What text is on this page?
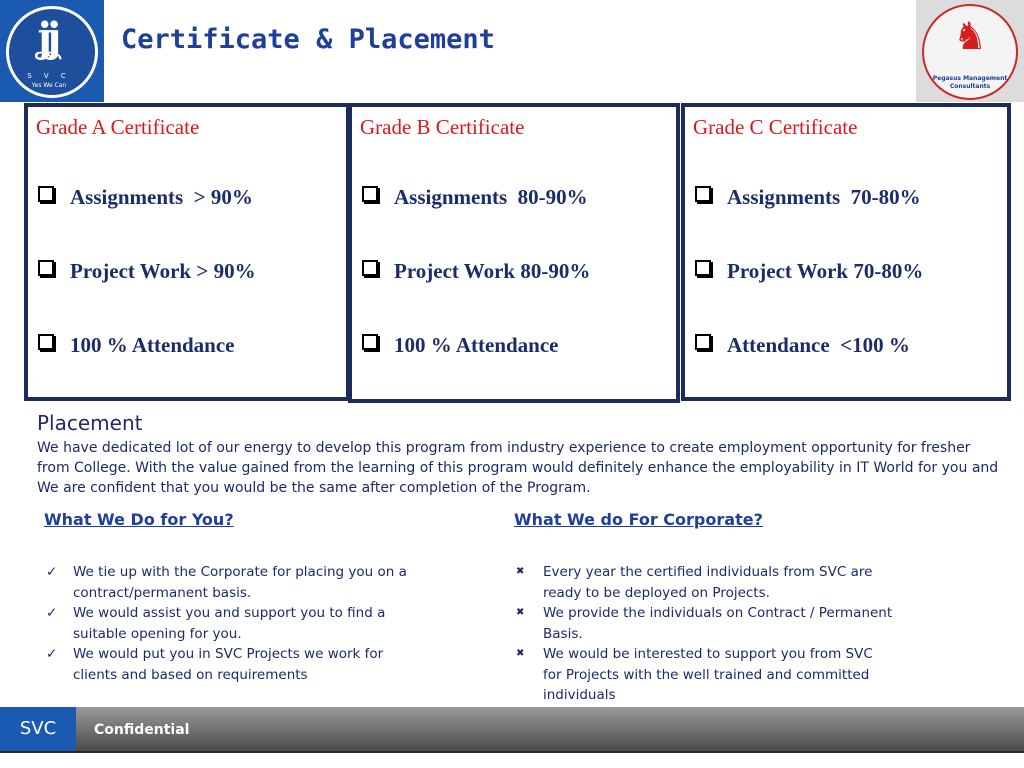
ʝʝ
S V C
Yes We Can
Certificate & Placement	♞
Pegasus Management Consultants
Grade A Certificate
Assignments  > 90%
Project Work > 90%
100 % Attendance
Grade B Certificate
Assignments  80-90%
Project Work 80-90%
100 % Attendance
Grade C Certificate
Assignments  70-80%
Project Work 70-80%
Attendance  <100 %
Placement
We have dedicated lot of our energy to develop this program from industry experience to create employment opportunity for fresher from College. With the value gained from the learning of this program would definitely enhance the employability in IT World for you and We are confident that you would be the same after completion of the Program.
What We Do for You?
✓	We tie up with the Corporate for placing you on a contract/permanent basis.
✓	We would assist you and support you to find a suitable opening for you.
✓	We would put you in SVC Projects we work for clients and based on requirements
What We do For Corporate?
✖	Every year the certified individuals from SVC are ready to be deployed on Projects.
✖	We provide the individuals on Contract / Permanent Basis.
✖	We would be interested to support you from SVC for Projects with the well trained and committed individuals
SVC	Confidential
